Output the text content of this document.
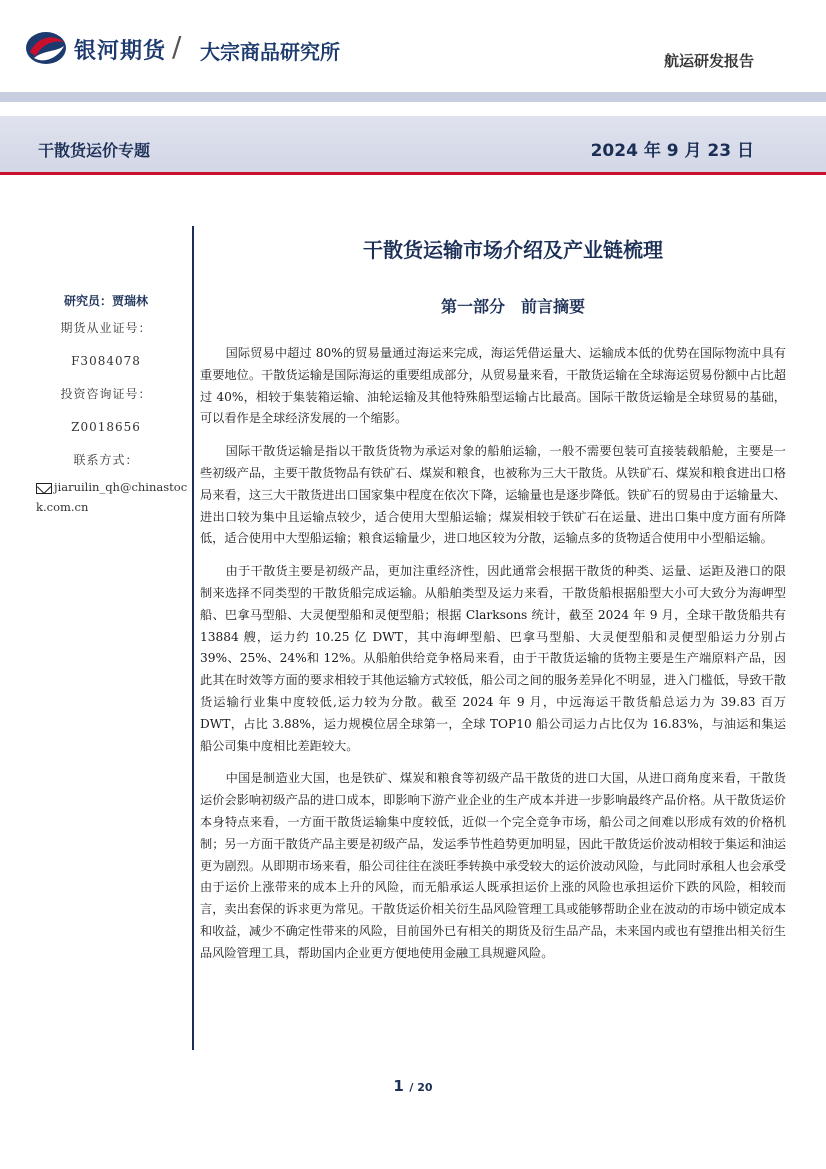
银河期货 / 大宗商品研究所	航运研发报告
干散货运价专题	2024 年 9 月 23 日
研究员：贾瑞林
期货从业证号：
F3084078
投资咨询证号：
Z0018656
联系方式：
jiaruilin_qh@chinastock.com.cn
干散货运输市场介绍及产业链梳理
第一部分　前言摘要

国际贸易中超过 80%的贸易量通过海运来完成，海运凭借运量大、运输成本低的优势在国际物流中具有重要地位。干散货运输是国际海运的重要组成部分，从贸易量来看，干散货运输在全球海运贸易份额中占比超过 40%，相较于集装箱运输、油轮运输及其他特殊船型运输占比最高。国际干散货运输是全球贸易的基础，可以看作是全球经济发展的一个缩影。

国际干散货运输是指以干散货货物为承运对象的船舶运输，一般不需要包装可直接装载船舱，主要是一些初级产品，主要干散货物品有铁矿石、煤炭和粮食，也被称为三大干散货。从铁矿石、煤炭和粮食进出口格局来看，这三大干散货进出口国家集中程度在依次下降，运输量也是逐步降低。铁矿石的贸易由于运输量大、进出口较为集中且运输点较少，适合使用大型船运输；煤炭相较于铁矿石在运量、进出口集中度方面有所降低，适合使用中大型船运输；粮食运输量少，进口地区较为分散，运输点多的货物适合使用中小型船运输。

由于干散货主要是初级产品，更加注重经济性，因此通常会根据干散货的种类、运量、运距及港口的限制来选择不同类型的干散货船完成运输。从船舶类型及运力来看，干散货船根据船型大小可大致分为海岬型船、巴拿马型船、大灵便型船和灵便型船；根据 Clarksons 统计，截至 2024 年 9 月，全球干散货船共有 13884 艘，运力约 10.25 亿 DWT，其中海岬型船、巴拿马型船、大灵便型船和灵便型船运力分别占 39%、25%、24%和 12%。从船舶供给竞争格局来看，由于干散货运输的货物主要是生产端原料产品，因此其在时效等方面的要求相较于其他运输方式较低，船公司之间的服务差异化不明显，进入门槛低，导致干散货运输行业集中度较低,运力较为分散。截至 2024 年 9 月，中远海运干散货船总运力为 39.83 百万 DWT，占比 3.88%，运力规模位居全球第一，全球 TOP10 船公司运力占比仅为 16.83%，与油运和集运船公司集中度相比差距较大。

中国是制造业大国，也是铁矿、煤炭和粮食等初级产品干散货的进口大国，从进口商角度来看，干散货运价会影响初级产品的进口成本，即影响下游产业企业的生产成本并进一步影响最终产品价格。从干散货运价本身特点来看，一方面干散货运输集中度较低，近似一个完全竞争市场，船公司之间难以形成有效的价格机制；另一方面干散货产品主要是初级产品，发运季节性趋势更加明显，因此干散货运价波动相较于集运和油运更为剧烈。从即期市场来看，船公司往往在淡旺季转换中承受较大的运价波动风险，与此同时承租人也会承受由于运价上涨带来的成本上升的风险，而无船承运人既承担运价上涨的风险也承担运价下跌的风险，相较而言，卖出套保的诉求更为常见。干散货运价相关衍生品风险管理工具或能够帮助企业在波动的市场中锁定成本和收益，减少不确定性带来的风险，目前国外已有相关的期货及衍生品产品，未来国内或也有望推出相关衍生品风险管理工具，帮助国内企业更方便地使用金融工具规避风险。

1 / 20
